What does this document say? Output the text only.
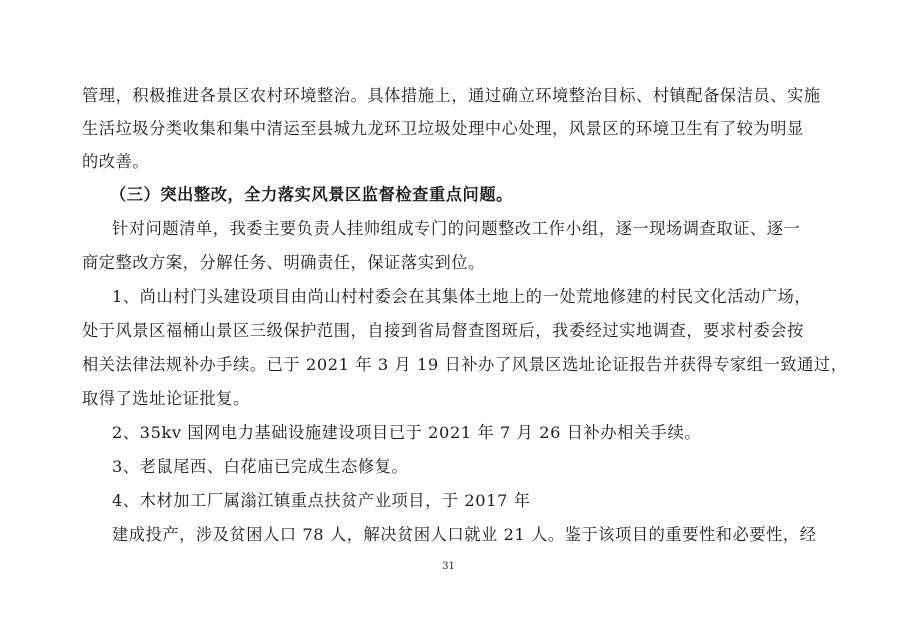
管理，积极推进各景区农村环境整治。具体措施上，通过确立环境整治目标、村镇配备保洁员、实施
生活垃圾分类收集和集中清运至县城九龙环卫垃圾处理中心处理，风景区的环境卫生有了较为明显
的改善。
（三）突出整改，全力落实风景区监督检查重点问题。
针对问题清单，我委主要负责人挂帅组成专门的问题整改工作小组，逐一现场调查取证、逐一
商定整改方案，分解任务、明确责任，保证落实到位。
1、尚山村门头建设项目由尚山村村委会在其集体土地上的一处荒地修建的村民文化活动广场，
处于风景区福桶山景区三级保护范围，自接到省局督查图斑后，我委经过实地调查，要求村委会按
相关法律法规补办手续。已于 2021 年 3 月 19 日补办了风景区选址论证报告并获得专家组一致通过，
取得了选址论证批复。
2、35kv 国网电力基础设施建设项目已于 2021 年 7 月 26 日补办相关手续。
3、老鼠尾西、白花庙已完成生态修复。
4、木材加工厂属滃江镇重点扶贫产业项目，于 2017 年
建成投产，涉及贫困人口 78 人，解决贫困人口就业 21 人。鉴于该项目的重要性和必要性，经
31
